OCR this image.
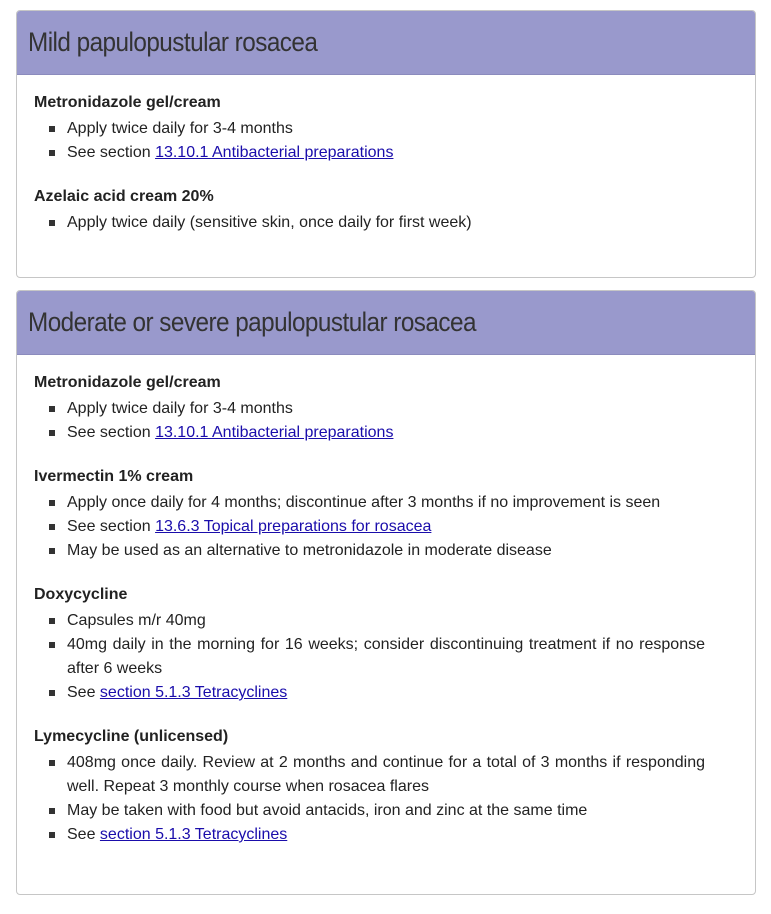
Mild papulopustular rosacea
Metronidazole gel/cream
Apply twice daily for 3-4 months
See section 13.10.1 Antibacterial preparations
Azelaic acid cream 20%
Apply twice daily (sensitive skin, once daily for first week)
Moderate or severe papulopustular rosacea
Metronidazole gel/cream
Apply twice daily for 3-4 months
See section 13.10.1 Antibacterial preparations
Ivermectin 1% cream
Apply once daily for 4 months; discontinue after 3 months if no improvement is seen
See section 13.6.3 Topical preparations for rosacea
May be used as an alternative to metronidazole in moderate disease
Doxycycline
Capsules m/r 40mg
40mg daily in the morning for 16 weeks; consider discontinuing treatment if no response after 6 weeks
See section 5.1.3 Tetracyclines
Lymecycline (unlicensed)
408mg once daily. Review at 2 months and continue for a total of 3 months if responding well. Repeat 3 monthly course when rosacea flares
May be taken with food but avoid antacids, iron and zinc at the same time
See section 5.1.3 Tetracyclines
